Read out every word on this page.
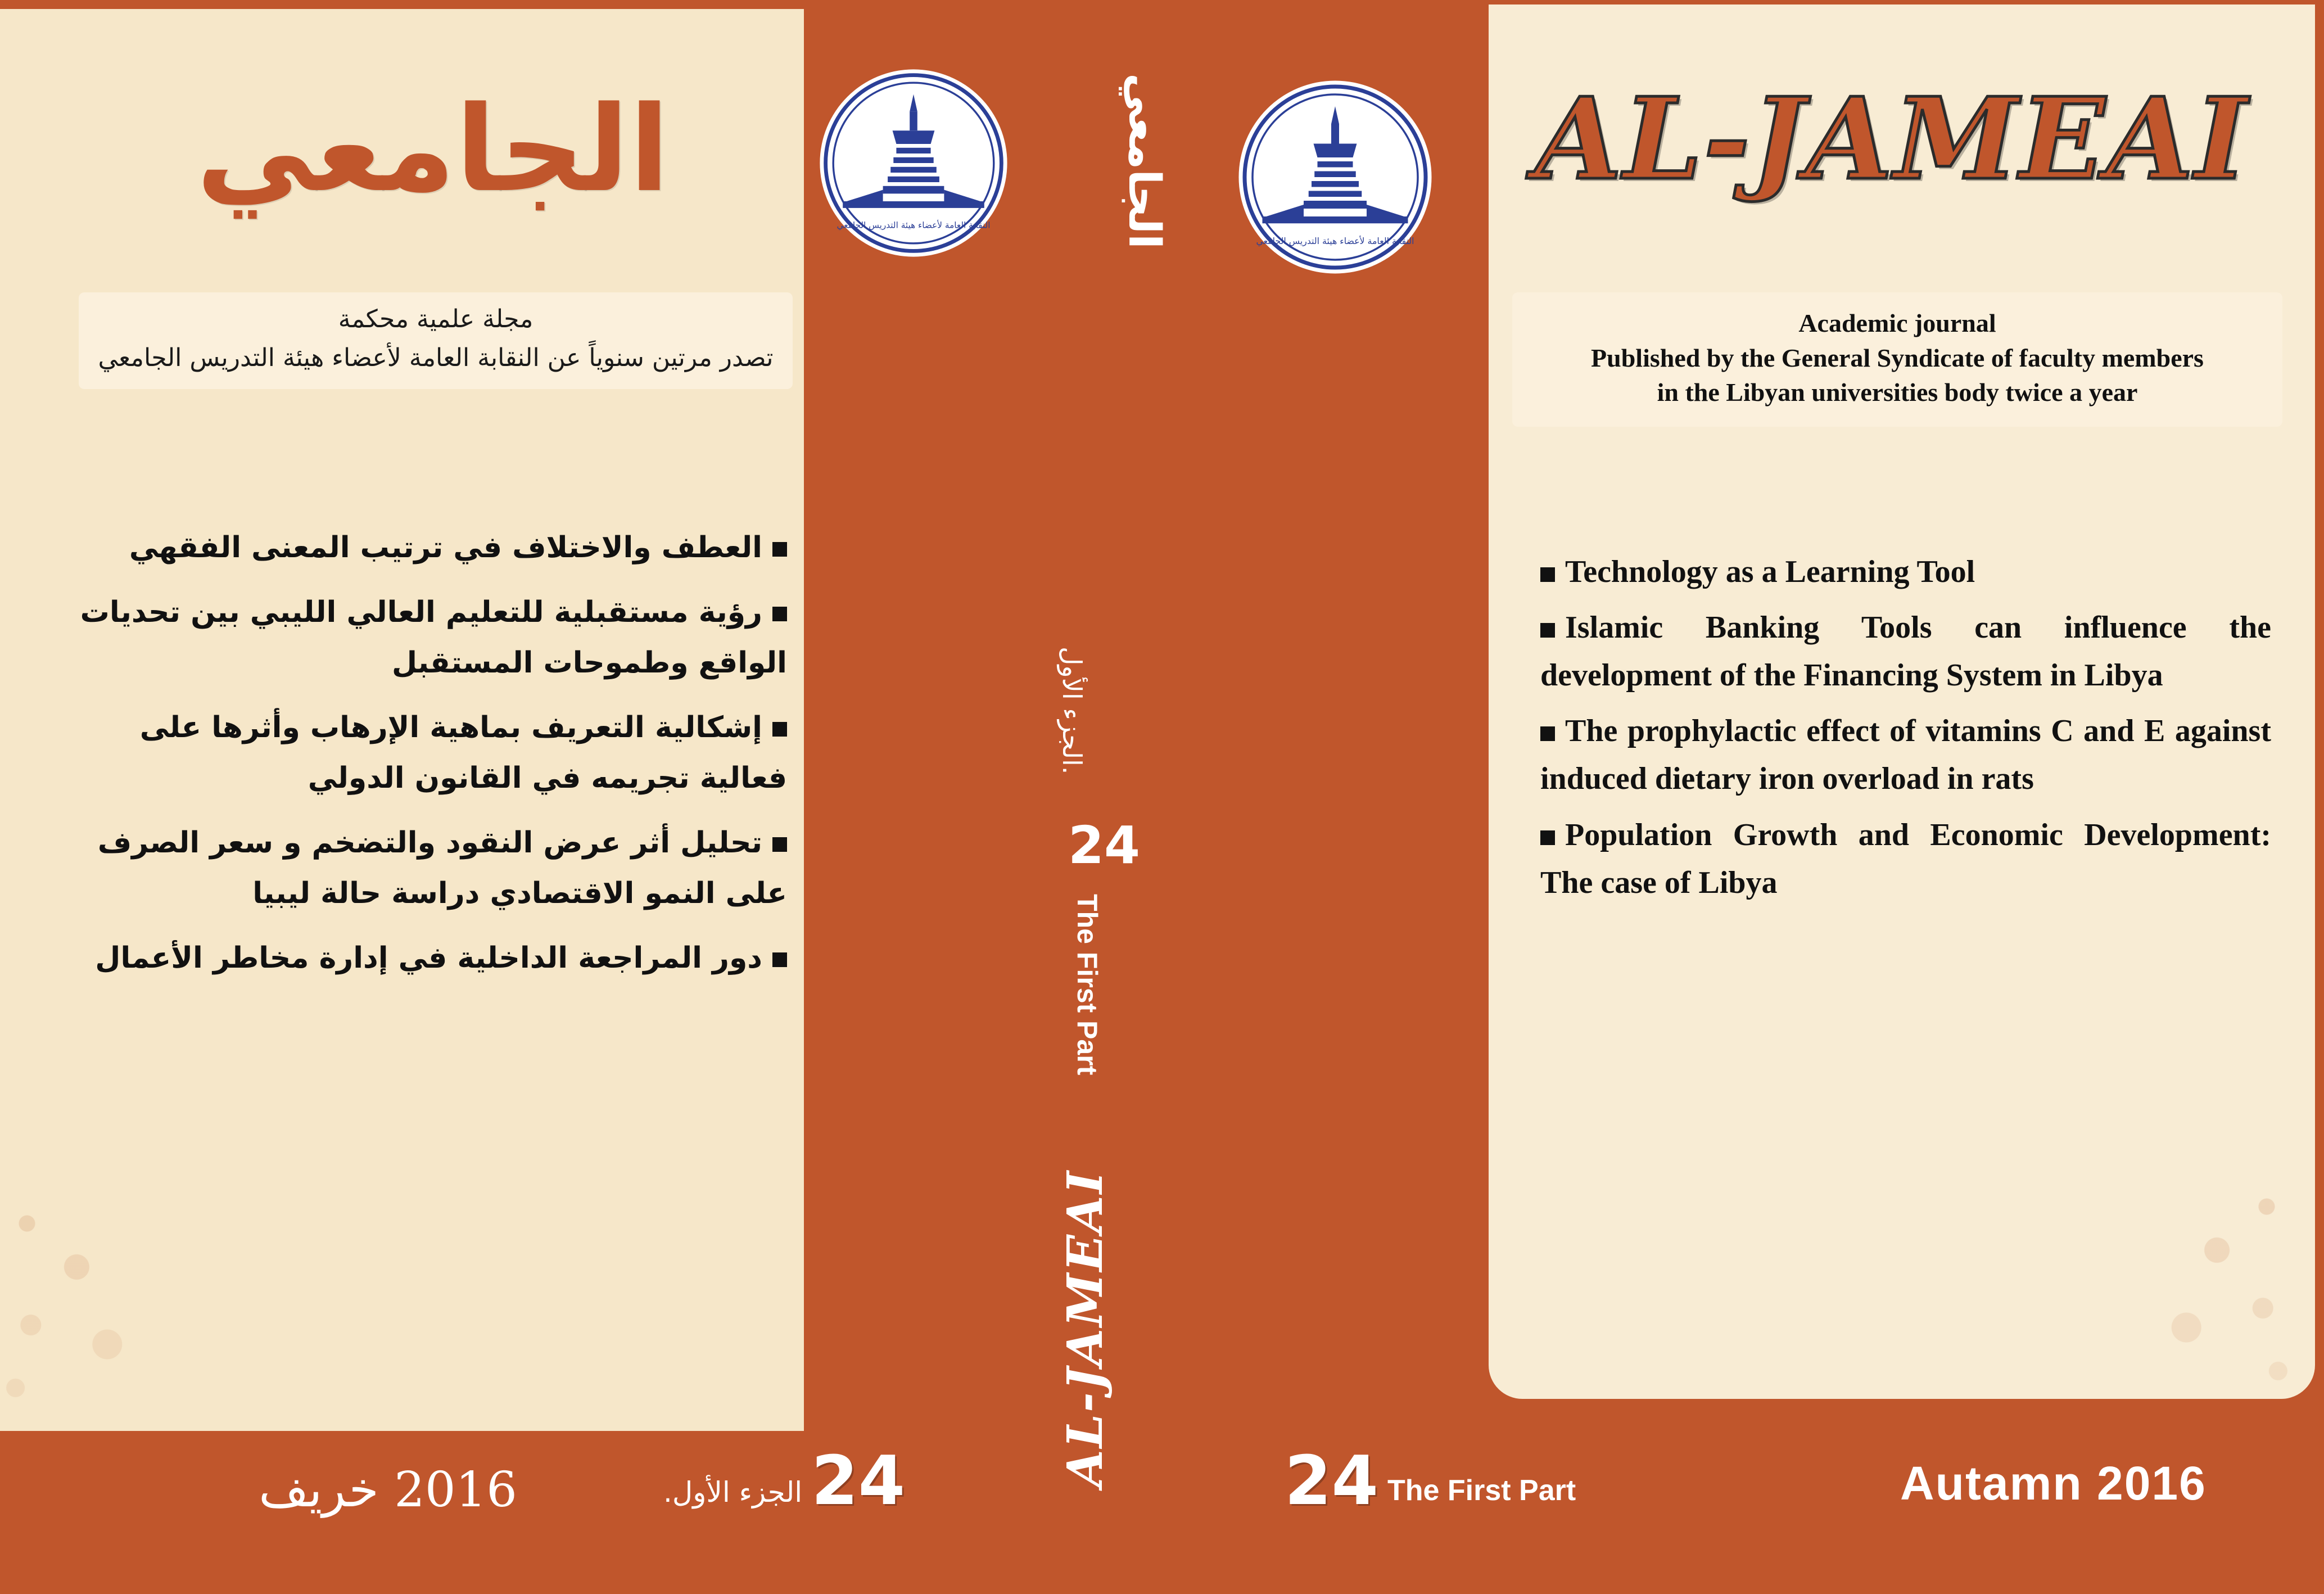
الجامعي
مجلة علمية محكمة
تصدر مرتين سنوياً عن النقابة العامة لأعضاء هيئة التدريس الجامعي
العطف والاختلاف في ترتيب المعنى الفقهي
رؤية مستقبلية للتعليم العالي الليبي بين تحديات الواقع وطموحات المستقبل
إشكالية التعريف بماهية الإرهاب وأثرها على فعالية تجريمه في القانون الدولي
تحليل أثر عرض النقود والتضخم و سعر الصرف على النمو الاقتصادي دراسة حالة ليبيا
دور المراجعة الداخلية في إدارة مخاطر الأعمال
2016 خريف	24
الجزء الأول.
النقابة العامة لأعضاء هيئة التدريس الجامعي	الجامعي
الجزء الأول.
24
The First Part
AL-JAMEAI
النقابة العامة لأعضاء هيئة التدريس الجامعي
AL-JAMEAI
Academic journal
Published by the General Syndicate of faculty members
in the Libyan universities body twice a year
Technology as a Learning Tool
Islamic Banking Tools can influence the development of the Financing System in Libya
The prophylactic effect of vitamins C and E against induced dietary iron overload in rats
Population Growth and Economic Development: The case of Libya
24 The First Part	Autamn 2016
